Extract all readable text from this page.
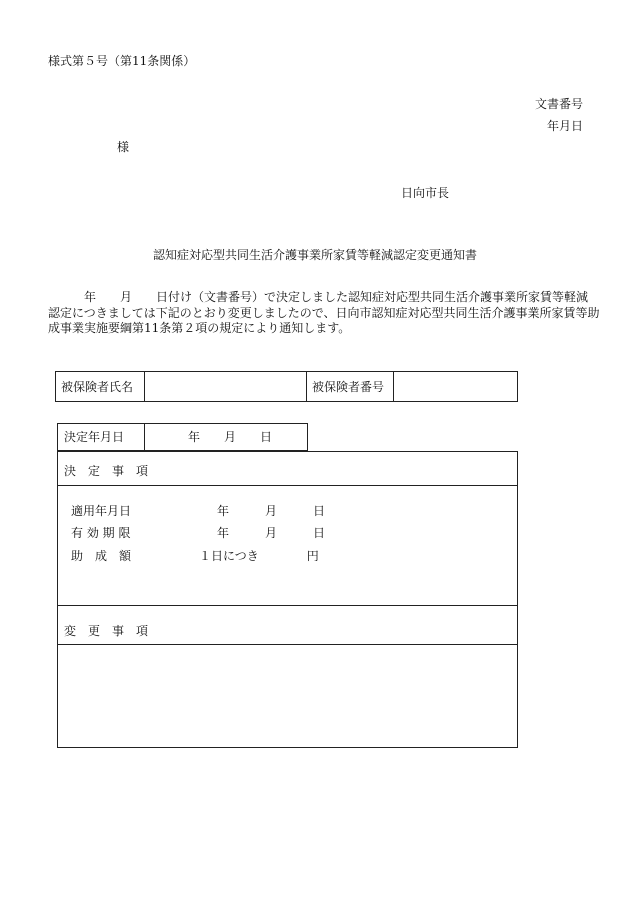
様式第５号（第11条関係）
文書番号
年月日
様
日向市長
認知症対応型共同生活介護事業所家賃等軽減認定変更通知書
　　　年　　月　　日付け（文書番号）で決定しました認知症対応型共同生活介護事業所家賃等軽減
認定につきましては下記のとおり変更しましたので、日向市認知症対応型共同生活介護事業所家賃等助
成事業実施要綱第11条第２項の規定により通知します。
被保険者氏名		被保険者番号	
決定年月日	年　　月　　日
決　定　事　項
適用年月日	年　　　月　　　日
有 効 期 限	年　　　月　　　日
助　成　額	１日につき　　　　円
変　更　事　項
